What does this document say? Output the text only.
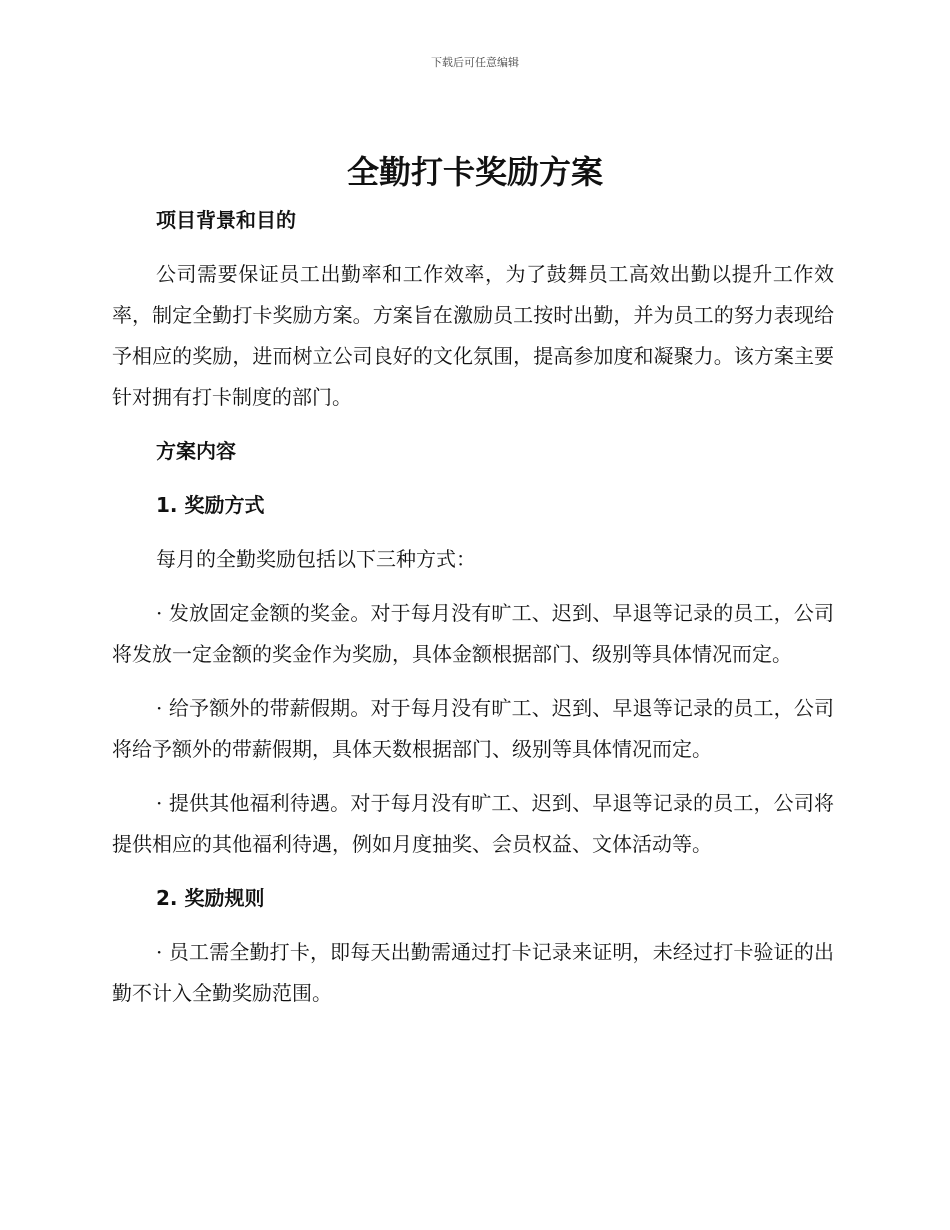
下载后可任意编辑
全勤打卡奖励方案

项目背景和目的

公司需要保证员工出勤率和工作效率，为了鼓舞员工高效出勤以提升工作效率，制定全勤打卡奖励方案。方案旨在激励员工按时出勤，并为员工的努力表现给予相应的奖励，进而树立公司良好的文化氛围，提高参加度和凝聚力。该方案主要针对拥有打卡制度的部门。

方案内容

1. 奖励方式

每月的全勤奖励包括以下三种方式：

· 发放固定金额的奖金。对于每月没有旷工、迟到、早退等记录的员工，公司将发放一定金额的奖金作为奖励，具体金额根据部门、级别等具体情况而定。

· 给予额外的带薪假期。对于每月没有旷工、迟到、早退等记录的员工，公司将给予额外的带薪假期，具体天数根据部门、级别等具体情况而定。

· 提供其他福利待遇。对于每月没有旷工、迟到、早退等记录的员工，公司将提供相应的其他福利待遇，例如月度抽奖、会员权益、文体活动等。

2. 奖励规则

· 员工需全勤打卡，即每天出勤需通过打卡记录来证明，未经过打卡验证的出勤不计入全勤奖励范围。
